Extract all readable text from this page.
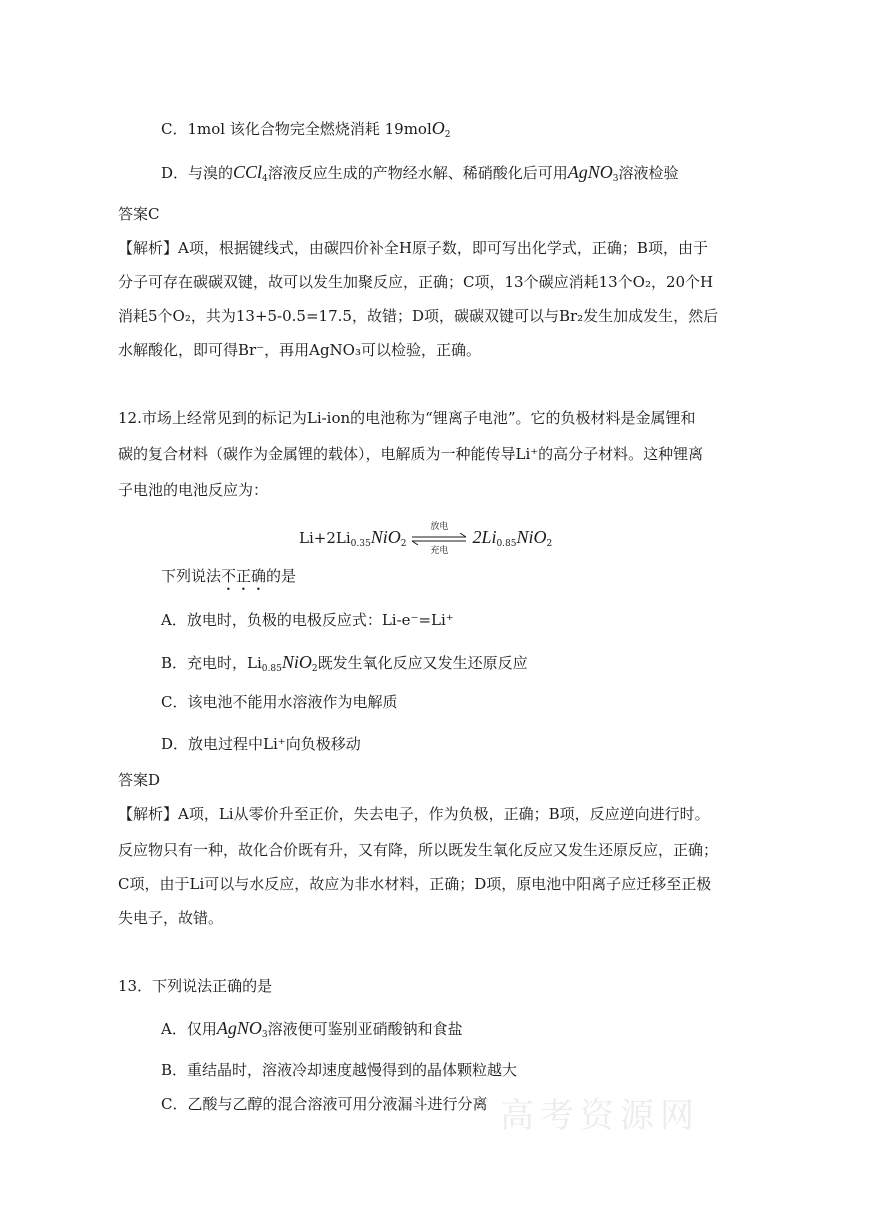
C．1mol 该化合物完全燃烧消耗 19molO$_2$
D．与溴的CCl$_4$溶液反应生成的产物经水解、稀硝酸化后可用AgNO$_3$溶液检验
答案C
【解析】A项，根据键线式，由碳四价补全H原子数，即可写出化学式，正确；B项，由于
分子可存在碳碳双键，故可以发生加聚反应，正确；C项，13个碳应消耗13个O₂，20个H
消耗5个O₂，共为13+5-0.5=17.5，故错；D项，碳碳双键可以与Br₂发生加成发生，然后
水解酸化，即可得Br⁻，再用AgNO₃可以检验，正确。
12.市场上经常见到的标记为Li-ion的电池称为“锂离子电池”。它的负极材料是金属锂和
碳的复合材料（碳作为金属锂的载体），电解质为一种能传导Li⁺的高分子材料。这种锂离
子电池的电池反应为：
$Li+2Li_{0.35}NiO_2$
放电
充电
$2Li_{0.85}NiO_2$
下列说法不正确的是
A．放电时，负极的电极反应式：Li-e⁻=Li⁺
B．充电时，$Li_{0.85}NiO_2$既发生氧化反应又发生还原反应
C．该电池不能用水溶液作为电解质
D．放电过程中Li⁺向负极移动
答案D
【解析】A项，Li从零价升至正价，失去电子，作为负极，正确；B项，反应逆向进行时。
反应物只有一种，故化合价既有升，又有降，所以既发生氧化反应又发生还原反应，正确；
C项，由于Li可以与水反应，故应为非水材料，正确；D项，原电池中阳离子应迁移至正极
失电子，故错。
13．下列说法正确的是
A．仅用AgNO$_3$溶液便可鉴别亚硝酸钠和食盐
B．重结晶时，溶液冷却速度越慢得到的晶体颗粒越大
C．乙酸与乙醇的混合溶液可用分液漏斗进行分离 高考资源网
